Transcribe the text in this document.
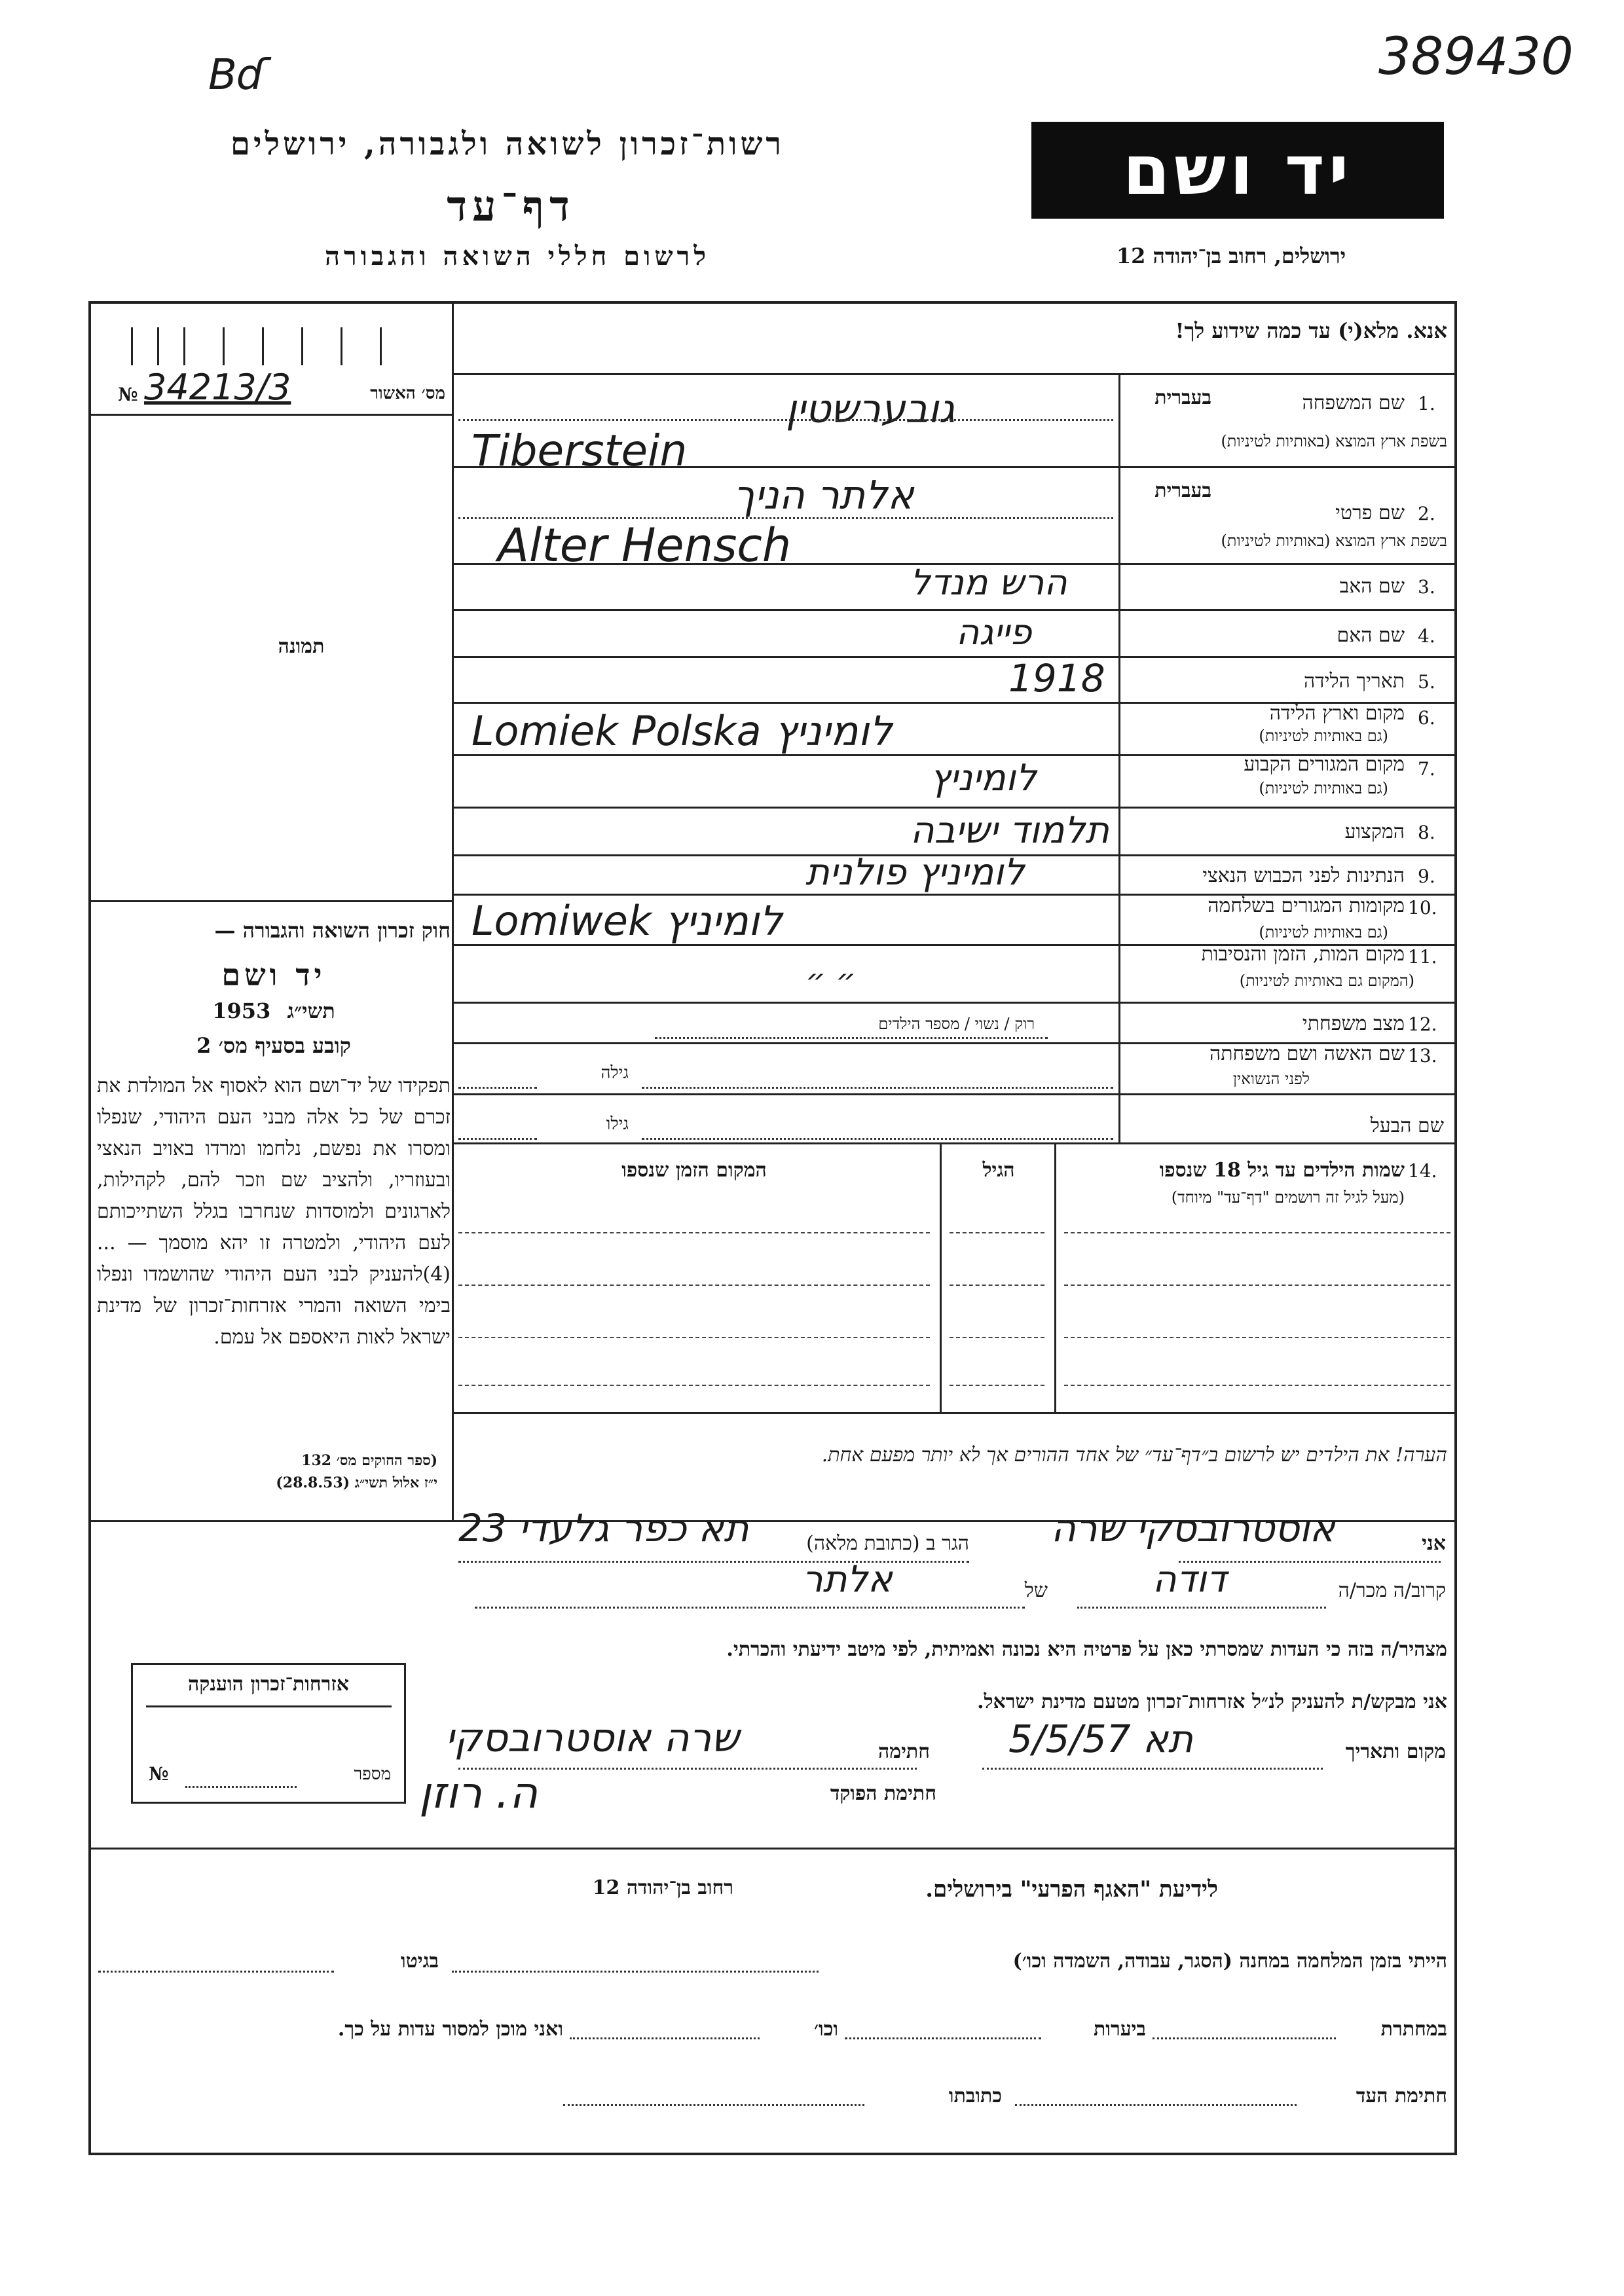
Bɗ	389430
רשות־זכרון לשואה ולגבורה, ירושלים
דף־עד
לרשום חללי השואה והגבורה
יד ושם
ירושלים, רחוב בן־יהודה 12
אנא. מלא(י) עד כמה שידוע לך!
מס׳ האשור
34213/3
№
תמונה
חוק זכרון השואה והגבורה —
יד ושם
1953 תשי״ג
קובע בסעיף מס׳ 2
תפקידו של יד־ושם הוא לאסוף אל המולדת את זכרם של כל אלה מבני העם היהודי, שנפלו ומסרו את נפשם, נלחמו ומרדו באויב הנאצי ובעוזריו, ולהציב שם וזכר להם, לקהילות, לארגונים ולמוסדות שנחרבו בגלל השתייכותם לעם היהודי, ולמטרה זו יהא מוסמך — ...(4)להעניק לבני העם היהודי שהושמדו ונפלו בימי השואה והמרי אזרחות־זכרון של מדינת ישראל לאות היאספם אל עמם.
(ספר החוקים מס׳ 132
י״ז אלול תשי״ג (28.8.53)
1.
שם המשפחה
בשפת ארץ המוצא (באותיות לטיניות)
בעברית
גובערשטין
Tiberstein
2.
שם פרטי
בשפת ארץ המוצא (באותיות לטיניות)
בעברית
אלתר הניך
Alter Hensch
3.
שם האב
הרש מנדל
4.
שם האם
פייגה
5.
תאריך הלידה
1918
6.
מקום וארץ הלידה
(גם באותיות לטיניות)
Lomiek Polska לומיניץ
7.
מקום המגורים הקבוע
(גם באותיות לטיניות)
לומיניץ
8.
המקצוע
תלמוד ישיבה
9.
הנתינות לפני הכבוש הנאצי
לומיניץ פולנית
10.
מקומות המגורים בשלחמה
(גם באותיות לטיניות)
Lomiwek לומיניץ
11.
מקום המות, הזמן והנסיבות
(המקום גם באותיות לטיניות)
״ ״
12.
מצב משפחתי
רוק / נשוי / מספר הילדים
13.
שם האשה ושם משפחתה
לפני הנשואין
גילה
שם הבעל
גילו
14.
שמות הילדים עד גיל 18 שנספו
(מעל לגיל זה רושמים "דף־עד" מיוחד)
הגיל
המקום הזמן שנספו
הערה! את הילדים יש לרשום ב״דף־עד״ של אחד ההורים אך לא יותר מפעם אחת.
אני
אוסטרובסקי שרה
הגר ב (כתובת מלאה)
תא כפר גלעדי 23
קרוב/ה מכר/ה
דודה
של
אלתר
מצהיר/ה בזה כי העדות שמסרתי כאן על פרטיה היא נכונה ואמיתית, לפי מיטב ידיעתי והכרתי.
אני מבקש/ת להעניק לנ״ל אזרחות־זכרון מטעם מדינת ישראל.
מקום ותאריך
תא 5/5/57
חתימה
שרה אוסטרובסקי
חתימת הפוקד
ה. רוזן
אזרחות־זכרון הוענקה
מספר
№
לידיעת "האגף הפרעי" בירושלים.
רחוב בן־יהודה 12
הייתי בזמן המלחמה במחנה (הסגר, עבודה, השמדה וכו׳)
בגיטו
במחתרת
ביערות
וכו׳
ואני מוכן למסור עדות על כך.
חתימת העד
כתובתו
